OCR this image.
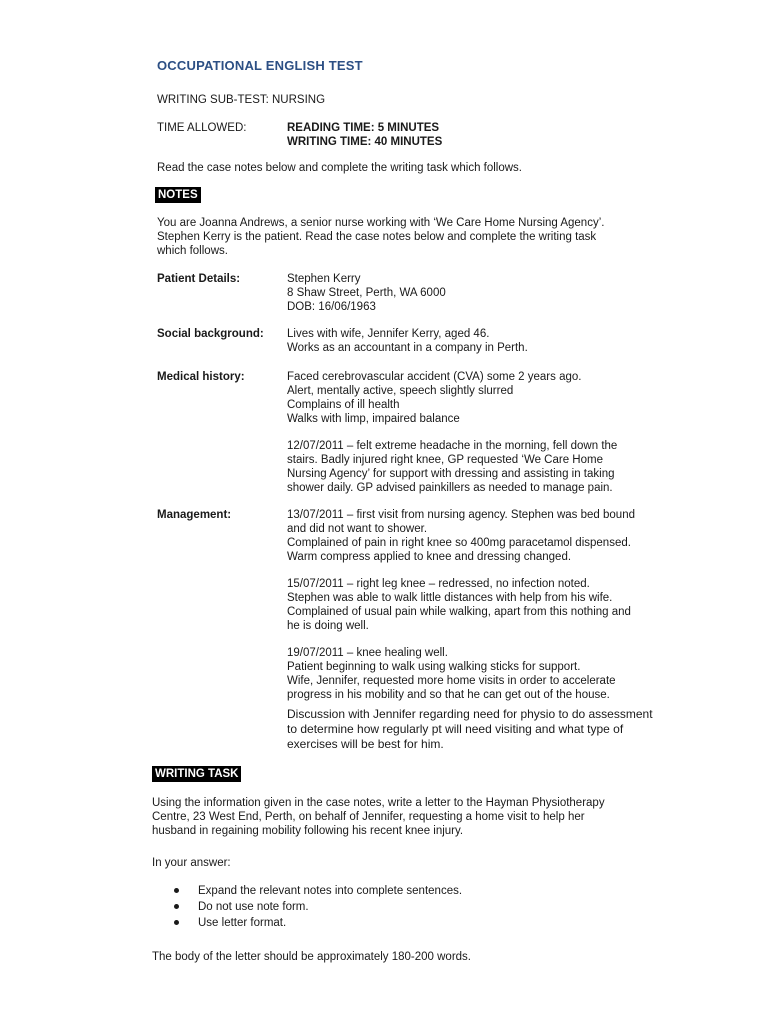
OCCUPATIONAL ENGLISH TEST
WRITING SUB-TEST: NURSING
TIME ALLOWED:	READING TIME: 5 MINUTES
WRITING TIME: 40 MINUTES
Read the case notes below and complete the writing task which follows.
NOTES
You are Joanna Andrews, a senior nurse working with ‘We Care Home Nursing Agency’.
Stephen Kerry is the patient. Read the case notes below and complete the writing task
which follows.
Patient Details:	Stephen Kerry
8 Shaw Street, Perth, WA 6000
DOB: 16/06/1963
Social background:	Lives with wife, Jennifer Kerry, aged 46.
Works as an accountant in a company in Perth.
Medical history:	Faced cerebrovascular accident (CVA) some 2 years ago.
Alert, mentally active, speech slightly slurred
Complains of ill health
Walks with limp, impaired balance
12/07/2011 – felt extreme headache in the morning, fell down the
stairs. Badly injured right knee, GP requested ‘We Care Home
Nursing Agency’ for support with dressing and assisting in taking
shower daily. GP advised painkillers as needed to manage pain.
Management:	13/07/2011 – first visit from nursing agency. Stephen was bed bound
and did not want to shower.
Complained of pain in right knee so 400mg paracetamol dispensed.
Warm compress applied to knee and dressing changed.
15/07/2011 – right leg knee – redressed, no infection noted.
Stephen was able to walk little distances with help from his wife.
Complained of usual pain while walking, apart from this nothing and
he is doing well.
19/07/2011 – knee healing well.
Patient beginning to walk using walking sticks for support.
Wife, Jennifer, requested more home visits in order to accelerate
progress in his mobility and so that he can get out of the house.
Discussion with Jennifer regarding need for physio to do assessment
to determine how regularly pt will need visiting and what type of
exercises will be best for him.
WRITING TASK
Using the information given in the case notes, write a letter to the Hayman Physiotherapy
Centre, 23 West End, Perth, on behalf of Jennifer, requesting a home visit to help her
husband in regaining mobility following his recent knee injury.
In your answer:
Expand the relevant notes into complete sentences.
Do not use note form.
Use letter format.
The body of the letter should be approximately 180-200 words.
